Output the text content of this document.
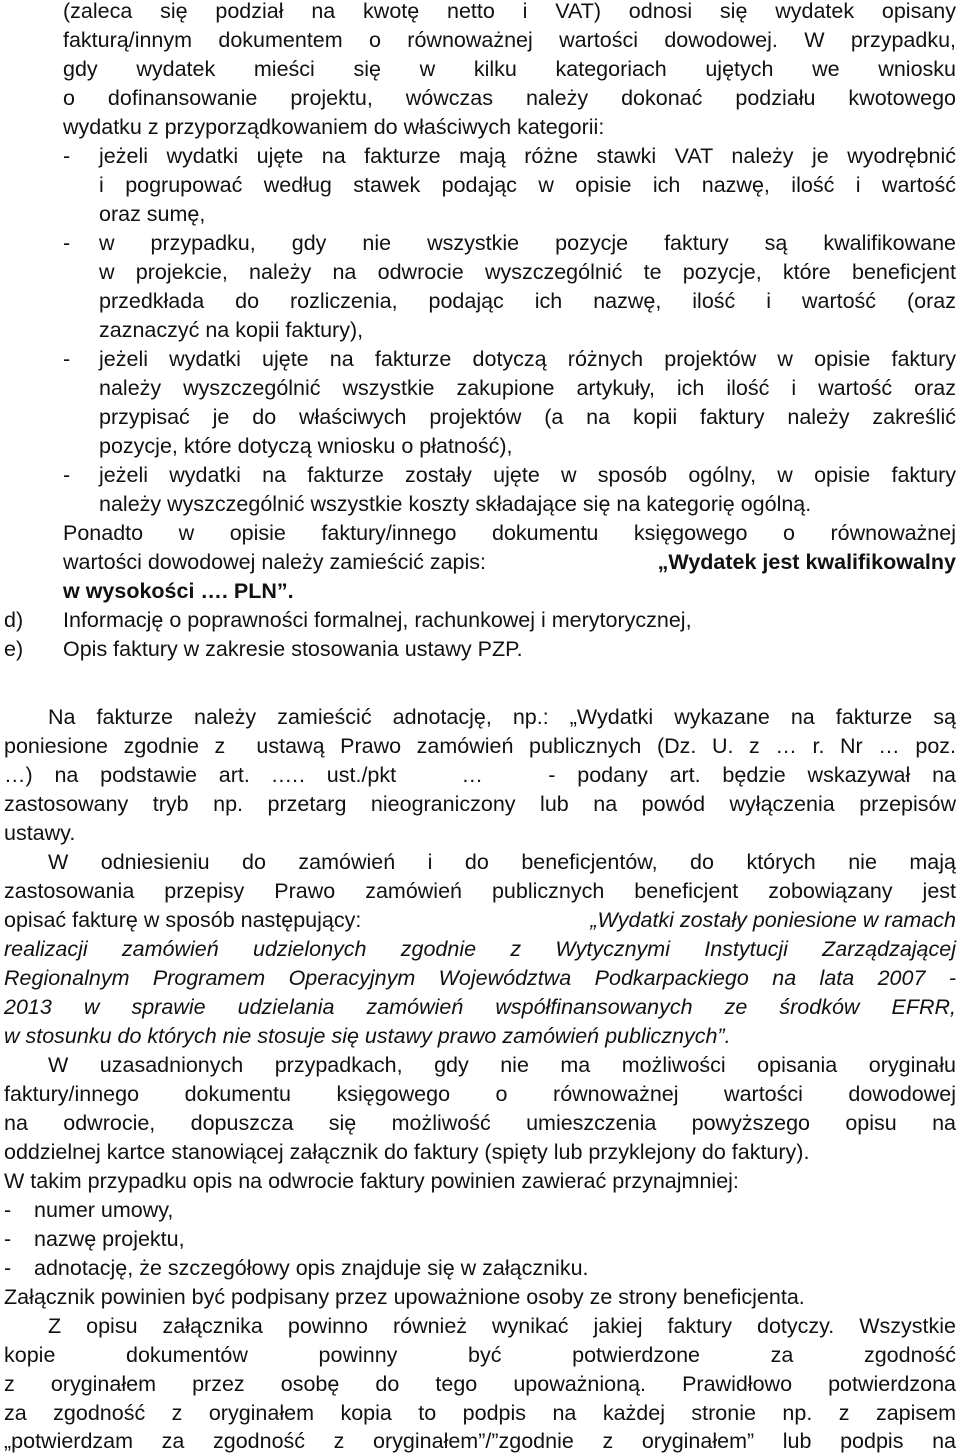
(zaleca się podział na kwotę netto i VAT) odnosi się wydatek opisany
fakturą/innym dokumentem o równoważnej wartości dowodowej. W przypadku,
gdy wydatek mieści się w kilku kategoriach ujętych we wniosku
o dofinansowanie projektu, wówczas należy dokonać podziału kwotowego
wydatku z przyporządkowaniem do właściwych kategorii:
-	jeżeli wydatki ujęte na fakturze mają różne stawki VAT należy je wyodrębnić
i pogrupować według stawek podając w opisie ich nazwę, ilość i wartość
oraz sumę,
-	w przypadku, gdy nie wszystkie pozycje faktury są kwalifikowane
w projekcie, należy na odwrocie wyszczególnić te pozycje, które beneficjent
przedkłada do rozliczenia, podając ich nazwę, ilość i wartość (oraz
zaznaczyć na kopii faktury),
-	jeżeli wydatki ujęte na fakturze dotyczą różnych projektów w opisie faktury
należy wyszczególnić wszystkie zakupione artykuły, ich ilość i wartość oraz
przypisać je do właściwych projektów (a na kopii faktury należy zakreślić
pozycje, które dotyczą wniosku o płatność),
-	jeżeli wydatki na fakturze zostały ujęte w sposób ogólny, w opisie faktury
należy wyszczególnić wszystkie koszty składające się na kategorię ogólną.
Ponadto w opisie faktury/innego dokumentu księgowego o równoważnej
wartości dowodowej należy zamieścić zapis:	„Wydatek jest kwalifikowalny
w wysokości …. PLN”.
d)	Informację o poprawności formalnej, rachunkowej i merytorycznej,
e)	Opis faktury w zakresie stosowania ustawy PZP.
Na fakturze należy zamieścić adnotację, np.: „Wydatki wykazane na fakturze są
poniesione zgodnie z  ustawą Prawo zamówień publicznych (Dz. U. z … r. Nr … poz.
…) na podstawie art. .…. ust./pkt   …   - podany art. będzie wskazywał na
zastosowany tryb np. przetarg nieograniczony lub na powód wyłączenia przepisów
ustawy.
W odniesieniu do zamówień i do beneficjentów, do których nie mają
zastosowania przepisy Prawo zamówień publicznych beneficjent zobowiązany jest
opisać fakturę w sposób następujący:	„Wydatki zostały poniesione w ramach
realizacji zamówień udzielonych zgodnie z Wytycznymi Instytucji Zarządzającej
Regionalnym Programem Operacyjnym Województwa Podkarpackiego na lata 2007 -
2013 w sprawie udzielania zamówień współfinansowanych ze środków EFRR,
w stosunku do których nie stosuje się ustawy prawo zamówień publicznych”.
W uzasadnionych przypadkach, gdy nie ma możliwości opisania oryginału
faktury/innego dokumentu księgowego o równoważnej wartości dowodowej
na odwrocie, dopuszcza się możliwość umieszczenia powyższego opisu na
oddzielnej kartce stanowiącej załącznik do faktury (spięty lub przyklejony do faktury).
W takim przypadku opis na odwrocie faktury powinien zawierać przynajmniej:
-	numer umowy,
-	nazwę projektu,
-	adnotację, że szczegółowy opis znajduje się w załączniku.
Załącznik powinien być podpisany przez upoważnione osoby ze strony beneficjenta.
Z opisu załącznika powinno również wynikać jakiej faktury dotyczy. Wszystkie
kopie dokumentów powinny być potwierdzone za zgodność
z oryginałem przez osobę do tego upoważnioną. Prawidłowo potwierdzona
za zgodność z oryginałem kopia to podpis na każdej stronie np. z zapisem
„potwierdzam za zgodność z oryginałem”/”zgodnie z oryginałem” lub podpis na
